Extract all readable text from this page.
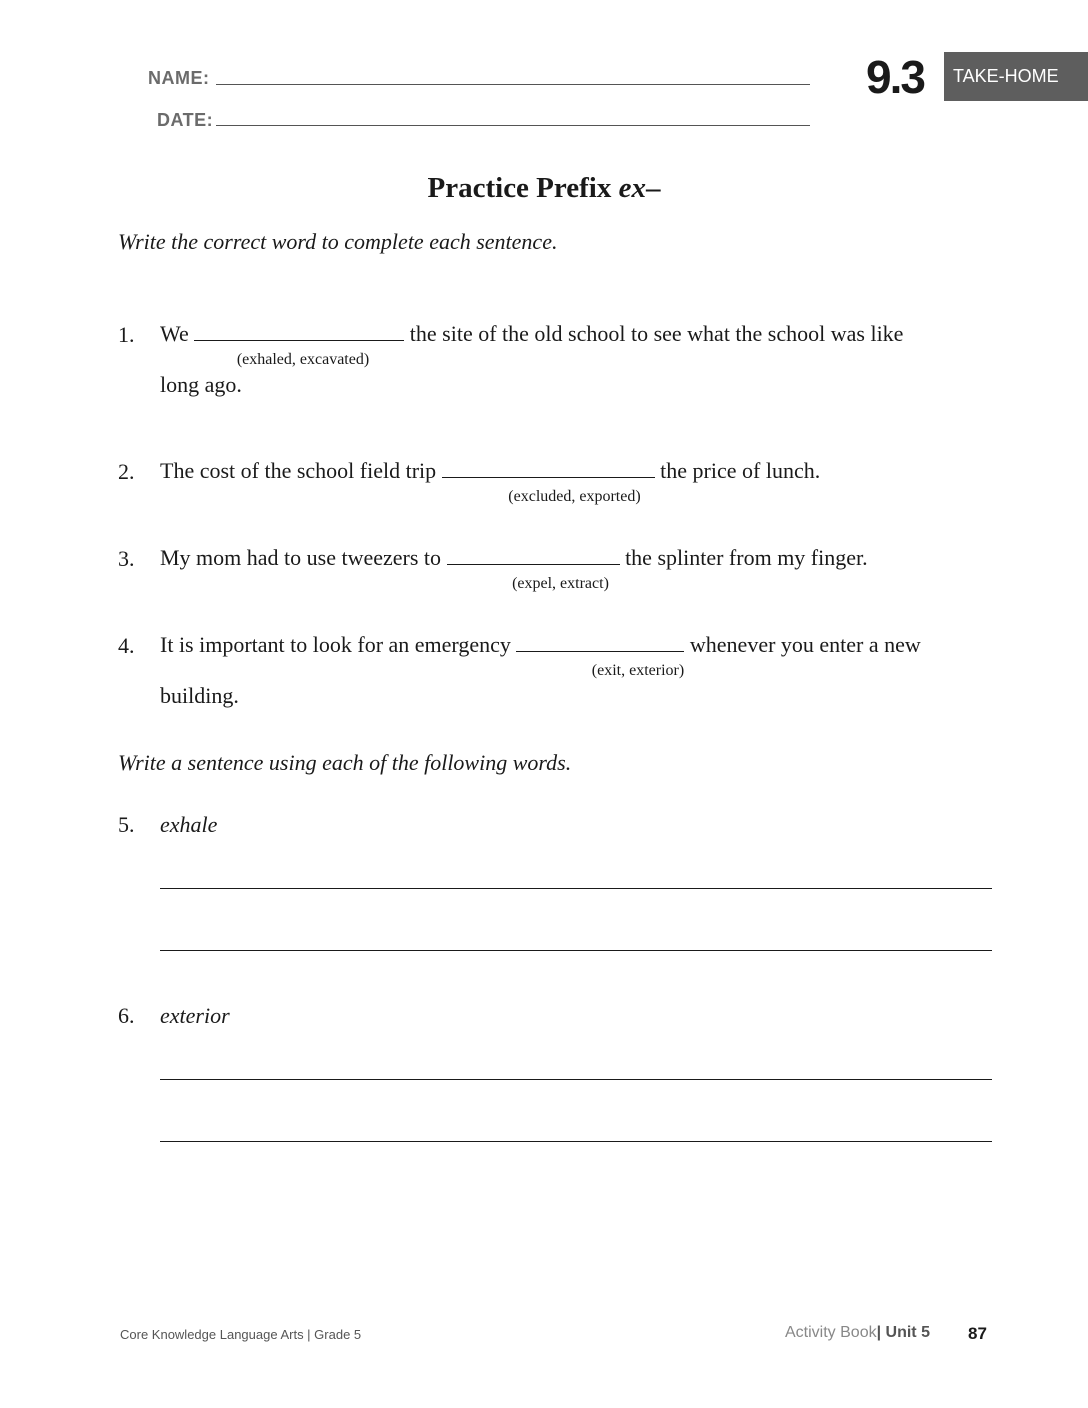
NAME:
DATE:
9.3 TAKE-HOME
Practice Prefix ex–
Write the correct word to complete each sentence.
1. We	the site of the old school to see what the school was like
(exhaled, excavated)
long ago.
2. The cost of the school field trip	the price of lunch.
(excluded, exported)
3. My mom had to use tweezers to	the splinter from my finger.
(expel, extract)
4. It is important to look for an emergency	whenever you enter a new
(exit, exterior)
building.
Write a sentence using each of the following words.
5. exhale
6. exterior
Core Knowledge Language Arts | Grade 5	Activity Book| Unit 5 87
